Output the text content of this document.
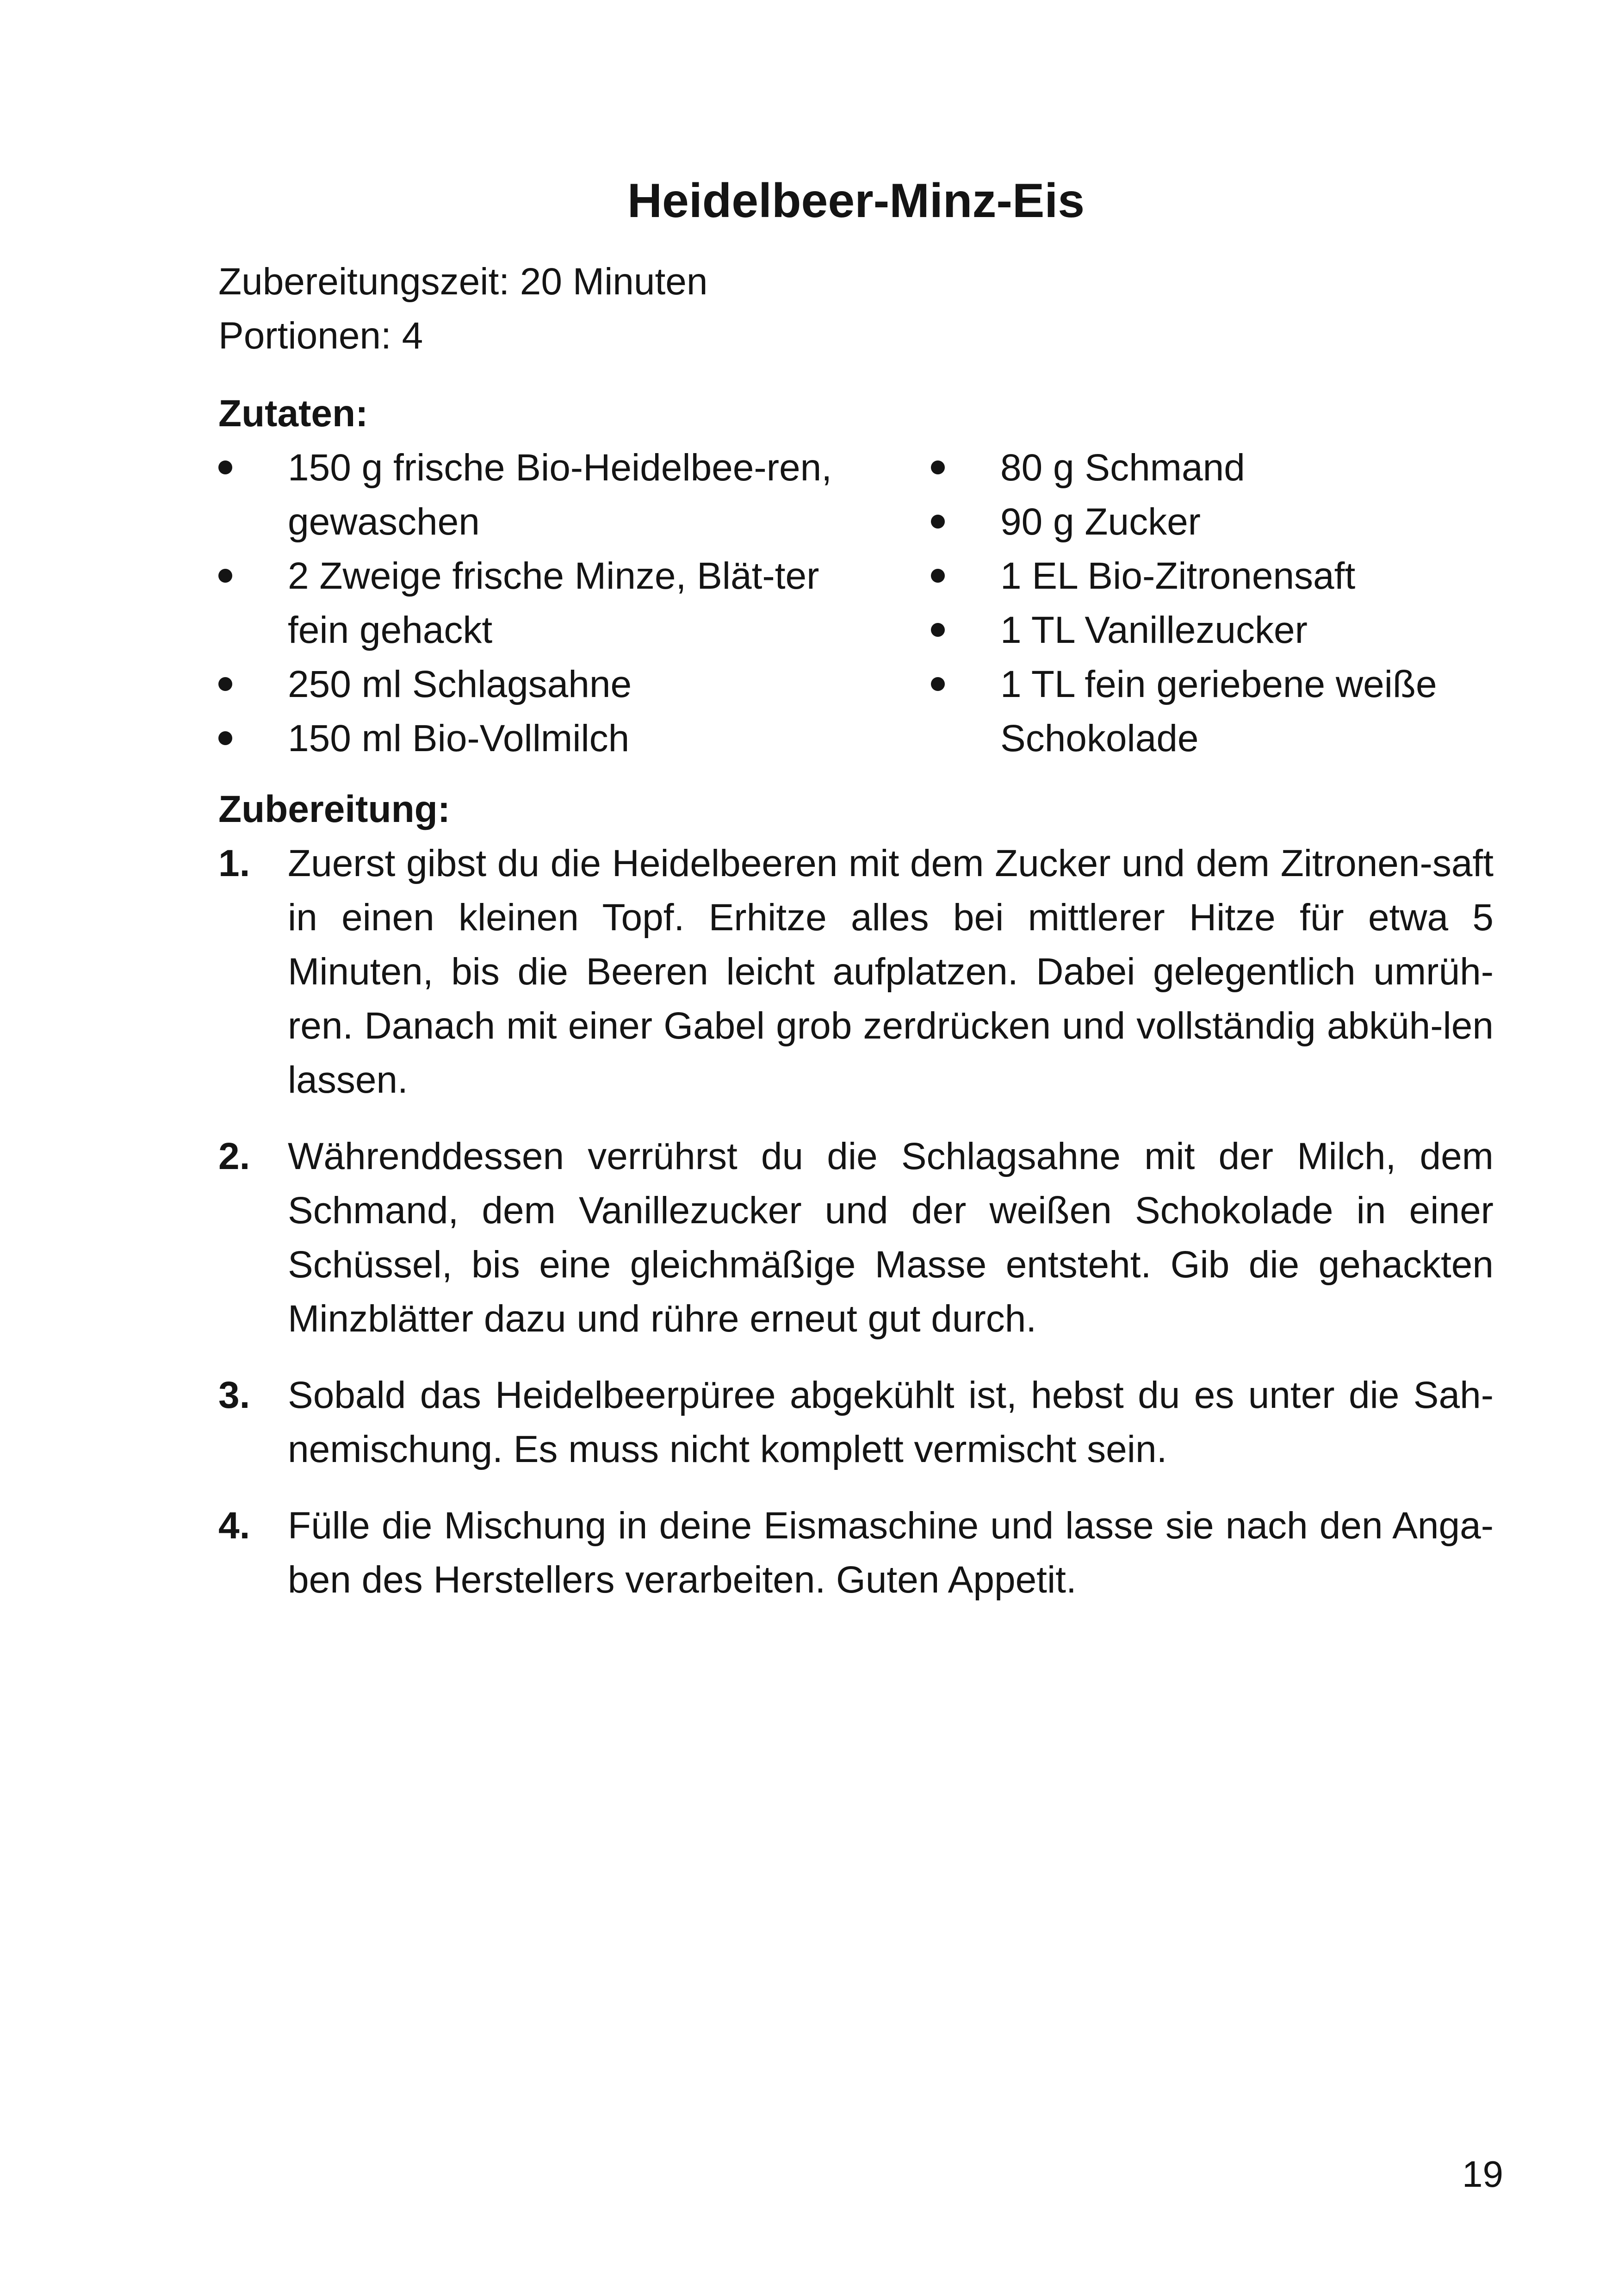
Heidelbeer-Minz-Eis
Zubereitungszeit: 20 Minuten
Portionen: 4
Zutaten:
150 g frische Bio-Heidelbee-ren, gewaschen
2 Zweige frische Minze, Blät-ter fein gehackt
250 ml Schlagsahne
150 ml Bio-Vollmilch
80 g Schmand
90 g Zucker
1 EL Bio-Zitronensaft
1 TL Vanillezucker
1 TL fein geriebene weiße Schokolade
Zubereitung:
1. Zuerst gibst du die Heidelbeeren mit dem Zucker und dem Zitronen-saft in einen kleinen Topf. Erhitze alles bei mittlerer Hitze für etwa 5 Minuten, bis die Beeren leicht aufplatzen. Dabei gelegentlich umrüh-ren. Danach mit einer Gabel grob zerdrücken und vollständig abküh-len lassen.
2. Währenddessen verrührst du die Schlagsahne mit der Milch, dem Schmand, dem Vanillezucker und der weißen Schokolade in einer Schüssel, bis eine gleichmäßige Masse entsteht. Gib die gehackten Minzblätter dazu und rühre erneut gut durch.
3. Sobald das Heidelbeerpüree abgekühlt ist, hebst du es unter die Sah-nemischung. Es muss nicht komplett vermischt sein.
4. Fülle die Mischung in deine Eismaschine und lasse sie nach den Anga-ben des Herstellers verarbeiten. Guten Appetit.
19
